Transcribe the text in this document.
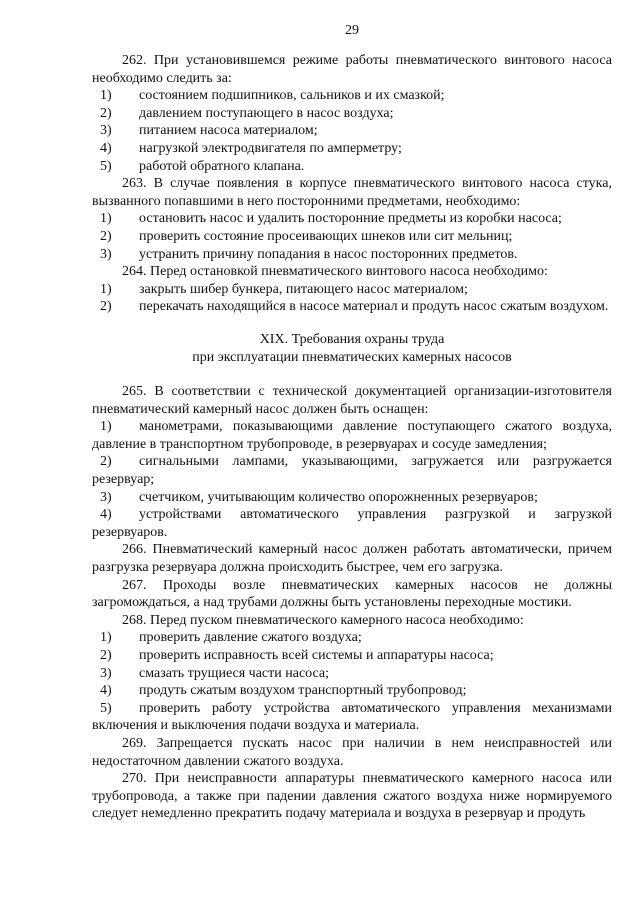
29

262. При установившемся режиме работы пневматического винтового насоса необходимо следить за:

1)	состоянием подшипников, сальников и их смазкой;
2)	давлением поступающего в насос воздуха;
3)	питанием насоса материалом;
4)	нагрузкой электродвигателя по амперметру;
5)	работой обратного клапана.

263. В случае появления в корпусе пневматического винтового насоса стука, вызванного попавшими в него посторонними предметами, необходимо:

1)	остановить насос и удалить посторонние предметы из коробки насоса;
2)	проверить состояние просеивающих шнеков или сит мельниц;
3)	устранить причину попадания в насос посторонних предметов.

264. Перед остановкой пневматического винтового насоса необходимо:

1)	закрыть шибер бункера, питающего насос материалом;

2) перекачать находящийся в насосе материал и продуть насос сжатым воздухом.

XIX. Требования охраны труда
при эксплуатации пневматических камерных насосов

265. В соответствии с технической документацией организации-изготовителя пневматический камерный насос должен быть оснащен:

1) манометрами, показывающими давление поступающего сжатого воздуха, давление в транспортном трубопроводе, в резервуарах и сосуде замедления;

2) сигнальными лампами, указывающими, загружается или разгружается резервуар;

3) счетчиком, учитывающим количество опорожненных резервуаров;

4) устройствами автоматического управления разгрузкой и загрузкой резервуаров.

266. Пневматический камерный насос должен работать автоматически, причем разгрузка резервуара должна происходить быстрее, чем его загрузка.

267. Проходы возле пневматических камерных насосов не должны загромождаться, а над трубами должны быть установлены переходные мостики.

268. Перед пуском пневматического камерного насоса необходимо:

1)	проверить давление сжатого воздуха;
2)	проверить исправность всей системы и аппаратуры насоса;
3)	смазать трущиеся части насоса;
4)	продуть сжатым воздухом транспортный трубопровод;

5) проверить работу устройства автоматического управления механизмами включения и выключения подачи воздуха и материала.

269. Запрещается пускать насос при наличии в нем неисправностей или недостаточном давлении сжатого воздуха.

270. При неисправности аппаратуры пневматического камерного насоса или трубопровода, а также при падении давления сжатого воздуха ниже нормируемого следует немедленно прекратить подачу материала и воздуха в резервуар и продуть
